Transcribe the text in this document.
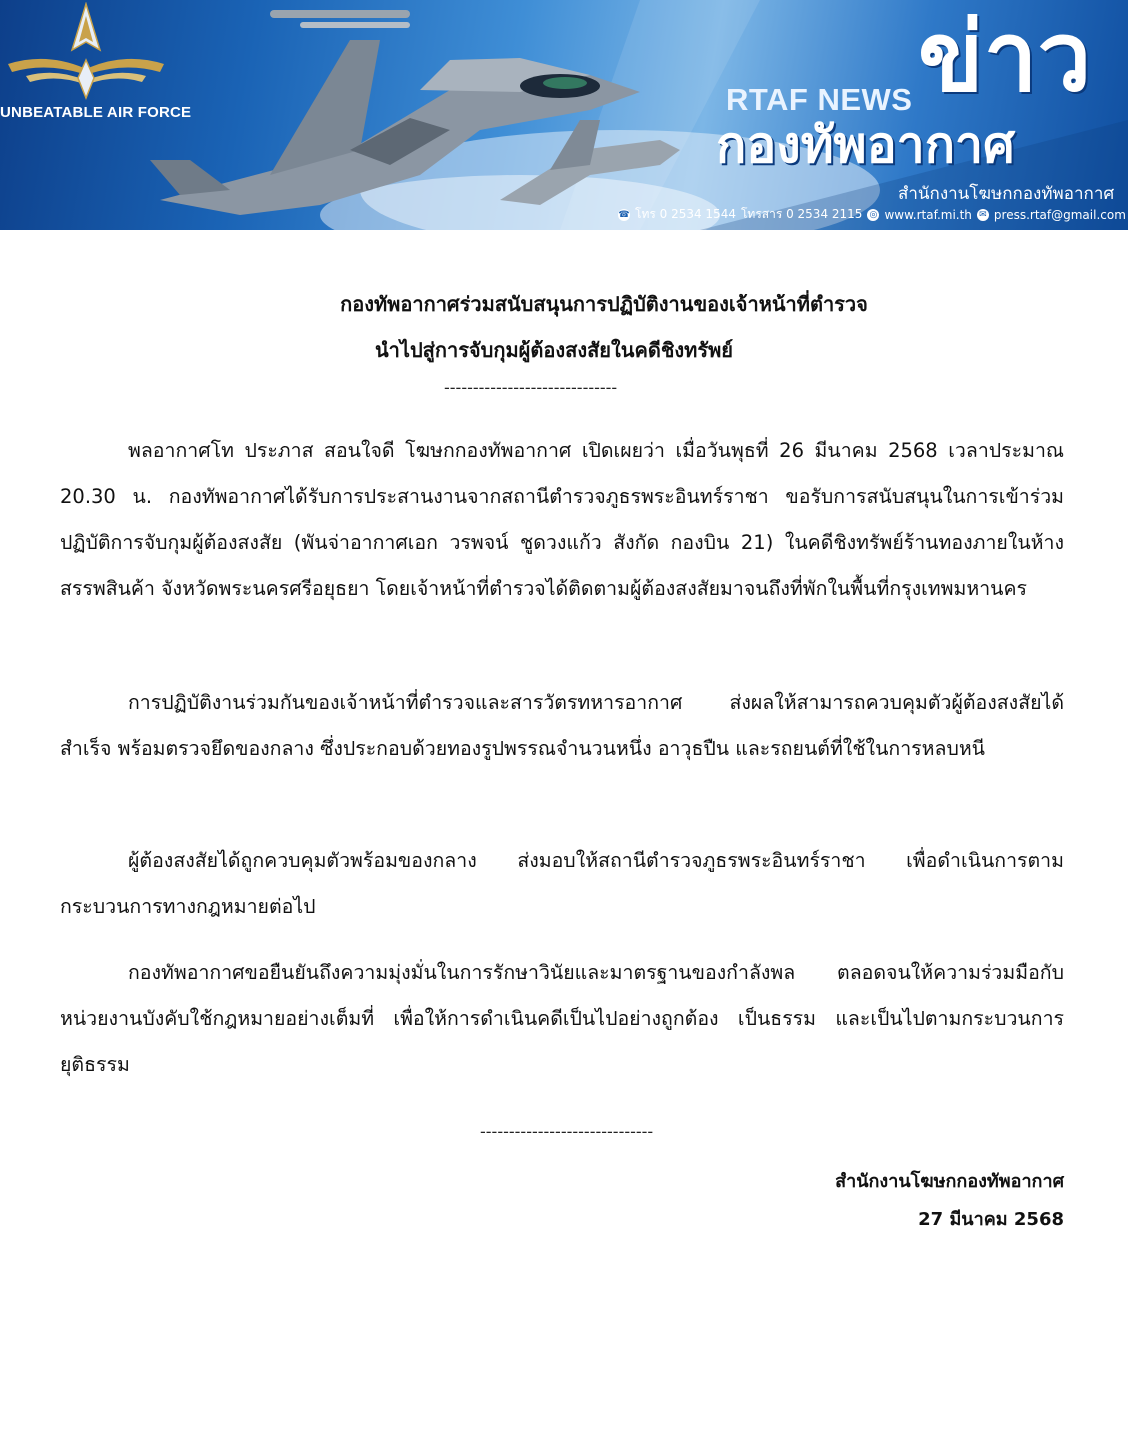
UNBEATABLE AIR FORCE	RTAF NEWS ข่าว
กองทัพอากาศ
สำนักงานโฆษกกองทัพอากาศ
☎ โทร 0 2534 1544 โทรสาร 0 2534 2115 ◎ www.rtaf.mi.th ✉ press.rtaf@gmail.com
กองทัพอากาศร่วมสนับสนุนการปฏิบัติงานของเจ้าหน้าที่ตำรวจ
นำไปสู่การจับกุมผู้ต้องสงสัยในคดีชิงทรัพย์
------------------------------

พลอากาศโท ประภาส สอนใจดี โฆษกกองทัพอากาศ เปิดเผยว่า เมื่อวันพุธที่ 26 มีนาคม 2568 เวลาประมาณ 20.30 น. กองทัพอากาศได้รับการประสานงานจากสถานีตำรวจภูธรพระอินทร์ราชา ขอรับการสนับสนุนในการเข้าร่วมปฏิบัติการจับกุมผู้ต้องสงสัย (พันจ่าอากาศเอก วรพจน์ ชูดวงแก้ว สังกัด กองบิน 21) ในคดีชิงทรัพย์ร้านทองภายในห้างสรรพสินค้า จังหวัดพระนครศรีอยุธยา โดยเจ้าหน้าที่ตำรวจได้ติดตามผู้ต้องสงสัยมาจนถึงที่พักในพื้นที่กรุงเทพมหานคร

การปฏิบัติงานร่วมกันของเจ้าหน้าที่ตำรวจและสารวัตรทหารอากาศ ส่งผลให้สามารถควบคุมตัวผู้ต้องสงสัยได้สำเร็จ พร้อมตรวจยึดของกลาง ซึ่งประกอบด้วยทองรูปพรรณจำนวนหนึ่ง อาวุธปืน และรถยนต์ที่ใช้ในการหลบหนี

ผู้ต้องสงสัยได้ถูกควบคุมตัวพร้อมของกลาง ส่งมอบให้สถานีตำรวจภูธรพระอินทร์ราชา เพื่อดำเนินการตามกระบวนการทางกฎหมายต่อไป

กองทัพอากาศขอยืนยันถึงความมุ่งมั่นในการรักษาวินัยและมาตรฐานของกำลังพล ตลอดจนให้ความร่วมมือกับหน่วยงานบังคับใช้กฎหมายอย่างเต็มที่ เพื่อให้การดำเนินคดีเป็นไปอย่างถูกต้อง เป็นธรรม และเป็นไปตามกระบวนการยุติธรรม

------------------------------
สำนักงานโฆษกกองทัพอากาศ
27 มีนาคม 2568
